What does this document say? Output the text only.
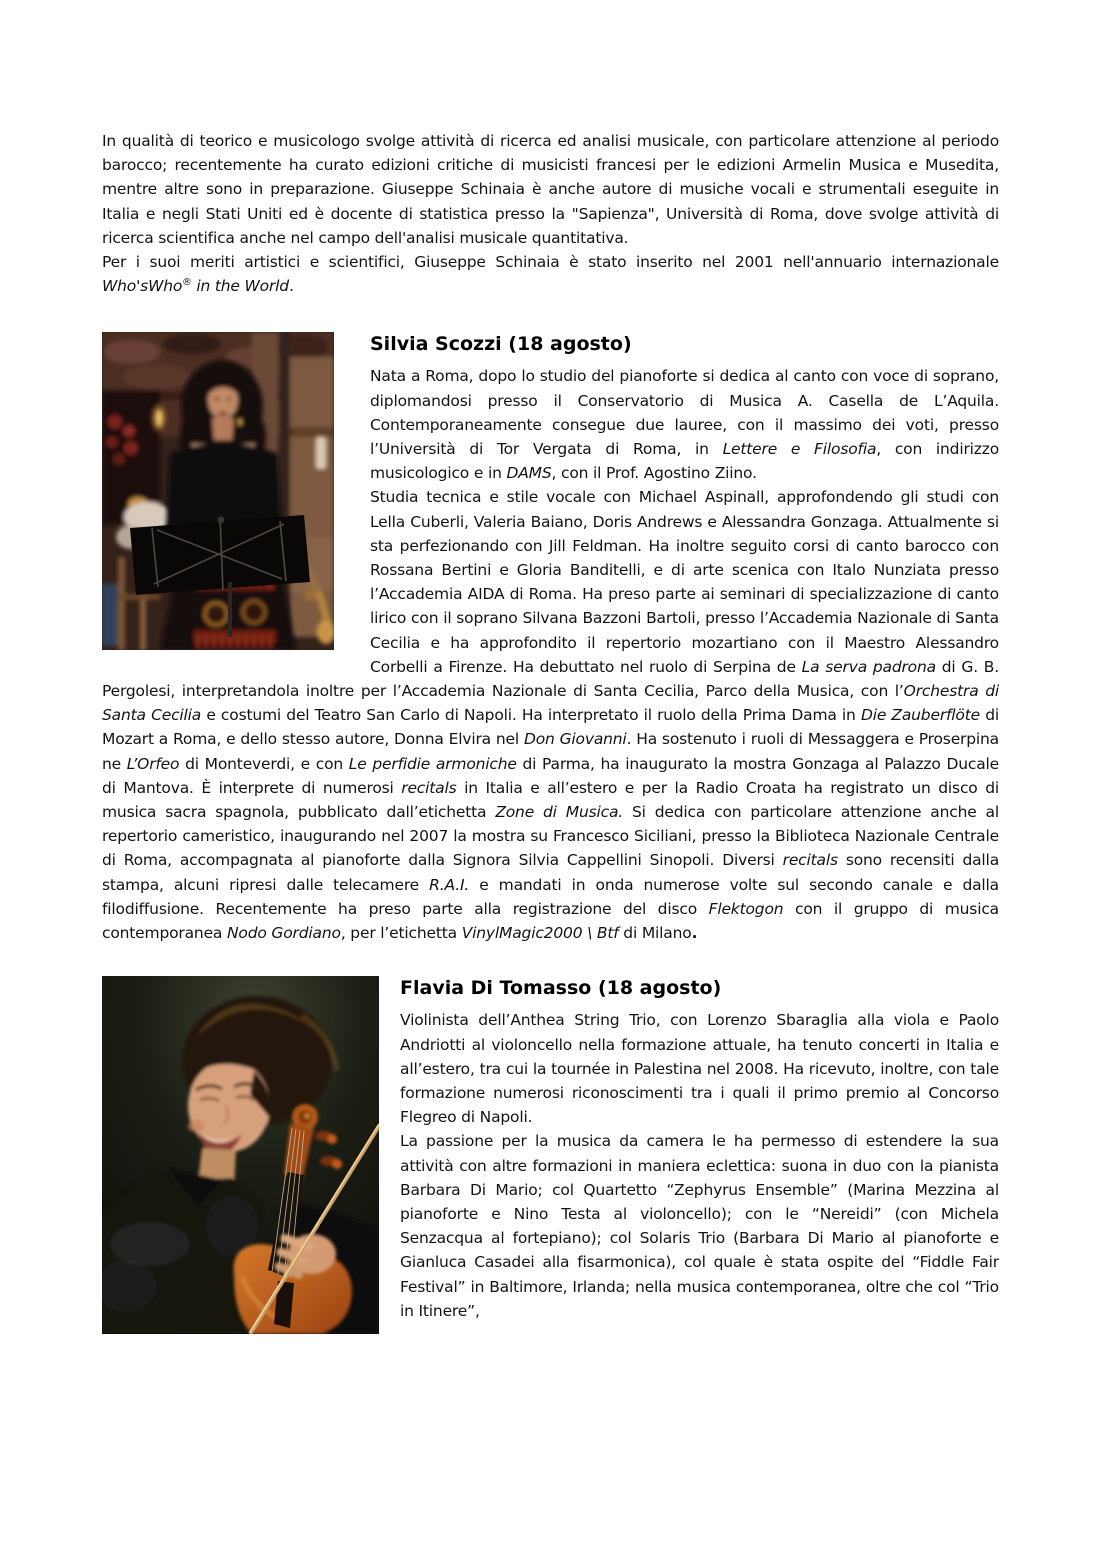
In qualità di teorico e musicologo svolge attività di ricerca ed analisi musicale, con particolare attenzione al periodo barocco; recentemente ha curato edizioni critiche di musicisti francesi per le edizioni Armelin Musica e Musedita, mentre altre sono in preparazione. Giuseppe Schinaia è anche autore di musiche vocali e strumentali eseguite in Italia e negli Stati Uniti ed è docente di statistica presso la "Sapienza", Università di Roma, dove svolge attività di ricerca scientifica anche nel campo dell'analisi musicale quantitativa.

Per i suoi meriti artistici e scientifici, Giuseppe Schinaia è stato inserito nel 2001 nell'annuario internazionale Who'sWho® in the World.

Silvia Scozzi (18 agosto)

Nata a Roma, dopo lo studio del pianoforte si dedica al canto con voce di soprano, diplomandosi presso il Conservatorio di Musica A. Casella de L’Aquila. Contemporaneamente consegue due lauree, con il massimo dei voti, presso l’Università di Tor Vergata di Roma, in Lettere e Filosofia, con indirizzo musicologico e in DAMS, con il Prof. Agostino Ziino.

Studia tecnica e stile vocale con Michael Aspinall, approfondendo gli studi con Lella Cuberli, Valeria Baiano, Doris Andrews e Alessandra Gonzaga. Attualmente si sta perfezionando con Jill Feldman. Ha inoltre seguito corsi di canto barocco con Rossana Bertini e Gloria Banditelli, e di arte scenica con Italo Nunziata presso l’Accademia AIDA di Roma. Ha preso parte ai seminari di specializzazione di canto lirico con il soprano Silvana Bazzoni Bartoli, presso l’Accademia Nazionale di Santa Cecilia e ha approfondito il repertorio mozartiano con il Maestro Alessandro Corbelli a Firenze. Ha debuttato nel ruolo di Serpina de La serva padrona di G. B. Pergolesi, interpretandola inoltre per l’Accademia Nazionale di Santa Cecilia, Parco della Musica, con l’Orchestra di Santa Cecilia e costumi del Teatro San Carlo di Napoli. Ha interpretato il ruolo della Prima Dama in Die Zauberflöte di Mozart a Roma, e dello stesso autore, Donna Elvira nel Don Giovanni. Ha sostenuto i ruoli di Messaggera e Proserpina ne L’Orfeo di Monteverdi, e con Le perfidie armoniche di Parma, ha inaugurato la mostra Gonzaga al Palazzo Ducale di Mantova. È interprete di numerosi recitals in Italia e all’estero e per la Radio Croata ha registrato un disco di musica sacra spagnola, pubblicato dall’etichetta Zone di Musica. Si dedica con particolare attenzione anche al repertorio cameristico, inaugurando nel 2007 la mostra su Francesco Siciliani, presso la Biblioteca Nazionale Centrale di Roma, accompagnata al pianoforte dalla Signora Silvia Cappellini Sinopoli. Diversi recitals sono recensiti dalla stampa, alcuni ripresi dalle telecamere R.A.I. e mandati in onda numerose volte sul secondo canale e dalla filodiffusione. Recentemente ha preso parte alla registrazione del disco Flektogon con il gruppo di musica contemporanea Nodo Gordiano, per l’etichetta VinylMagic2000 \ Btf di Milano.

Flavia Di Tomasso (18 agosto)

Violinista dell’Anthea String Trio, con Lorenzo Sbaraglia alla viola e Paolo Andriotti al violoncello nella formazione attuale, ha tenuto concerti in Italia e all’estero, tra cui la tournée in Palestina nel 2008. Ha ricevuto, inoltre, con tale formazione numerosi riconoscimenti tra i quali il primo premio al Concorso Flegreo di Napoli.

La passione per la musica da camera le ha permesso di estendere la sua attività con altre formazioni in maniera eclettica: suona in duo con la pianista Barbara Di Mario; col Quartetto “Zephyrus Ensemble” (Marina Mezzina al pianoforte e Nino Testa al violoncello); con le “Nereidi” (con Michela Senzacqua al fortepiano); col Solaris Trio (Barbara Di Mario al pianoforte e Gianluca Casadei alla fisarmonica), col quale è stata ospite del “Fiddle Fair Festival” in Baltimore, Irlanda; nella musica contemporanea, oltre che col “Trio in Itinere”,
